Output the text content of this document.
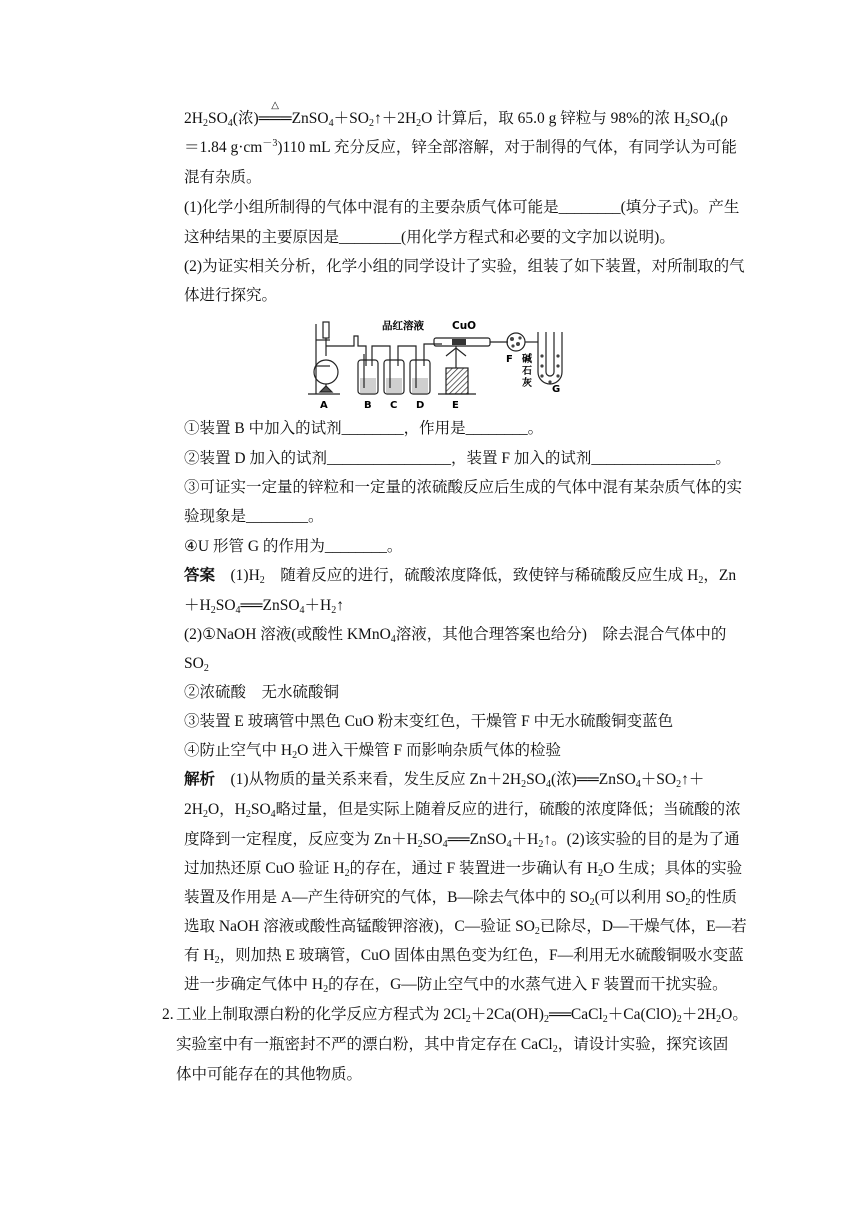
$2H_2SO_4$(浓)
△
$═══ZnSO_4+SO_2↑+2H_2O$ 计算后，取 65.0 g 锌粒与 98%的浓 $H_2SO_4(\rho$
＝1.84 $g\cdot cm^{-3})110$ mL 充分反应，锌全部溶解，对于制得的气体，有同学认为可能
混有杂质。
(1)化学小组所制得的气体中混有的主要杂质气体可能是________(填分子式)。产生
这种结果的主要原因是________(用化学方程式和必要的文字加以说明)。
(2)为证实相关分析，化学小组的同学设计了实验，组装了如下装置，对所制取的气
体进行探究。
品红溶液	CuO
F 碱
石
灰
G
A	B C D	E
①装置 B 中加入的试剂________，作用是________。
②装置 D 加入的试剂________________，装置 F 加入的试剂________________。
③可证实一定量的锌粒和一定量的浓硫酸反应后生成的气体中混有某杂质气体的实
验现象是________。
④U 形管 G 的作用为________。
答案　$(1)H_2$　随着反应的进行，硫酸浓度降低，致使锌与稀硫酸反应生成 $H_2$，Zn
$+H_2SO_4══ZnSO_4+H_2↑$
(2)①NaOH 溶液(或酸性 KMnO$_4$溶液，其他合理答案也给分)　除去混合气体中的
$SO_2$
②浓硫酸　无水硫酸铜
③装置 E 玻璃管中黑色 CuO 粉末变红色，干燥管 F 中无水硫酸铜变蓝色
④防止空气中 $H_2O$ 进入干燥管 F 而影响杂质气体的检验
解析　(1)从物质的量关系来看，发生反应 $Zn+2H_2SO_4$(浓)$══ZnSO_4+SO_2↑+$
$2H_2O$，$H_2SO_4$略过量，但是实际上随着反应的进行，硫酸的浓度降低；当硫酸的浓
度降到一定程度，反应变为 $Zn+H_2SO_4══ZnSO_4+H_2↑$。(2)该实验的目的是为了通
过加热还原 CuO 验证 $H_2$的存在，通过 F 装置进一步确认有 $H_2O$ 生成；具体的实验
装置及作用是 A—产生待研究的气体，B—除去气体中的 $SO_2$(可以利用 $SO_2$的性质
选取 NaOH 溶液或酸性高锰酸钾溶液)，C—验证 $SO_2$已除尽，D—干燥气体，E—若
有 $H_2$，则加热 E 玻璃管，CuO 固体由黑色变为红色，F—利用无水硫酸铜吸水变蓝
进一步确定气体中 $H_2$的存在，G—防止空气中的水蒸气进入 F 装置而干扰实验。
2. 工业上制取漂白粉的化学反应方程式为 $2Cl_2+2Ca(OH)_2══CaCl_2+Ca(ClO)_2+2H_2O$。
实验室中有一瓶密封不严的漂白粉，其中肯定存在 CaCl$_2$，请设计实验，探究该固
体中可能存在的其他物质。
